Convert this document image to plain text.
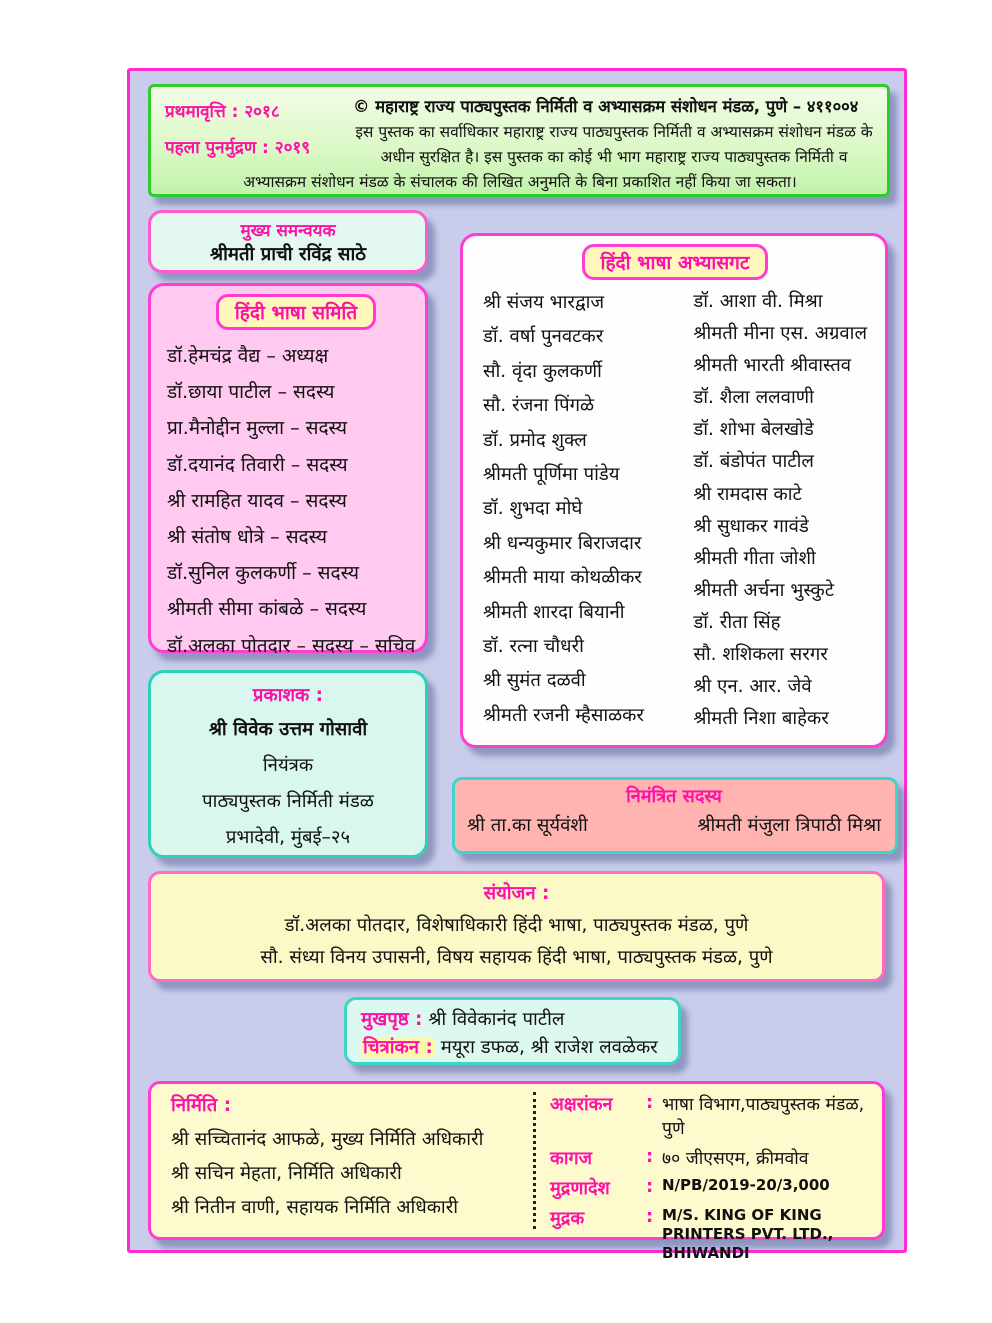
प्रथमावृत्ति : २०१८
पहला पुनर्मुद्रण : २०१९
© महाराष्ट्र राज्य पाठ्यपुस्तक निर्मिती व अभ्यासक्रम संशोधन मंडळ, पुणे – ४११००४
इस पुस्तक का सर्वाधिकार महाराष्ट्र राज्य पाठ्यपुस्तक निर्मिती व अभ्यासक्रम संशोधन मंडळ के अधीन सुरक्षित है। इस पुस्तक का कोई भी भाग महाराष्ट्र राज्य पाठ्यपुस्तक निर्मिती व अभ्यासक्रम संशोधन मंडळ के संचालक की लिखित अनुमति के बिना प्रकाशित नहीं किया जा सकता।
मुख्य समन्वयक
श्रीमती प्राची रविंद्र साठे
हिंदी भाषा समिति
डॉ.हेमचंद्र वैद्य – अध्यक्ष
डॉ.छाया पाटील – सदस्य
प्रा.मैनोद्दीन मुल्ला – सदस्य
डॉ.दयानंद तिवारी – सदस्य
श्री रामहित यादव – सदस्य
श्री संतोष धोत्रे – सदस्य
डॉ.सुनिल कुलकर्णी – सदस्य
श्रीमती सीमा कांबळे – सदस्य
डॉ.अलका पोतदार – सदस्य – सचिव
हिंदी भाषा अभ्यासगट
श्री संजय भारद्वाज
डॉ. वर्षा पुनवटकर
सौ. वृंदा कुलकर्णी
सौ. रंजना पिंगळे
डॉ. प्रमोद शुक्ल
श्रीमती पूर्णिमा पांडेय
डॉ. शुभदा मोघे
श्री धन्यकुमार बिराजदार
श्रीमती माया कोथळीकर
श्रीमती शारदा बियानी
डॉ. रत्ना चौधरी
श्री सुमंत दळवी
श्रीमती रजनी म्हैसाळकर
डॉ. आशा वी. मिश्रा
श्रीमती मीना एस. अग्रवाल
श्रीमती भारती श्रीवास्तव
डॉ. शैला ललवाणी
डॉ. शोभा बेलखोडे
डॉ. बंडोपंत पाटील
श्री रामदास काटे
श्री सुधाकर गावंडे
श्रीमती गीता जोशी
श्रीमती अर्चना भुस्कुटे
डॉ. रीता सिंह
सौ. शशिकला सरगर
श्री एन. आर. जेवे
श्रीमती निशा बाहेकर
प्रकाशक :
श्री विवेक उत्तम गोसावी
नियंत्रक
पाठ्यपुस्तक निर्मिती मंडळ
प्रभादेवी, मुंबई–२५
निमंत्रित सदस्य
श्री ता.का सूर्यवंशी	श्रीमती मंजुला त्रिपाठी मिश्रा
संयोजन :
डॉ.अलका पोतदार, विशेषाधिकारी हिंदी भाषा, पाठ्यपुस्तक मंडळ, पुणे
सौ. संध्या विनय उपासनी, विषय सहायक हिंदी भाषा, पाठ्यपुस्तक मंडळ, पुणे
मुखपृष्ठ : श्री विवेकानंद पाटील
चित्रांकन : मयूरा डफळ, श्री राजेश लवळेकर
निर्मिति :
श्री सच्चितानंद आफळे, मुख्य निर्मिति अधिकारी
श्री सचिन मेहता, निर्मिति अधिकारी
श्री नितीन वाणी, सहायक निर्मिति अधिकारी
अक्षरांकन	: भाषा विभाग,पाठ्यपुस्तक मंडळ, पुणे
कागज	: ७० जीएसएम, क्रीमवोव
मुद्रणादेश	: N/PB/2019-20/3,000
मुद्रक	: M/S. KING OF KING PRINTERS PVT. LTD., BHIWANDI
